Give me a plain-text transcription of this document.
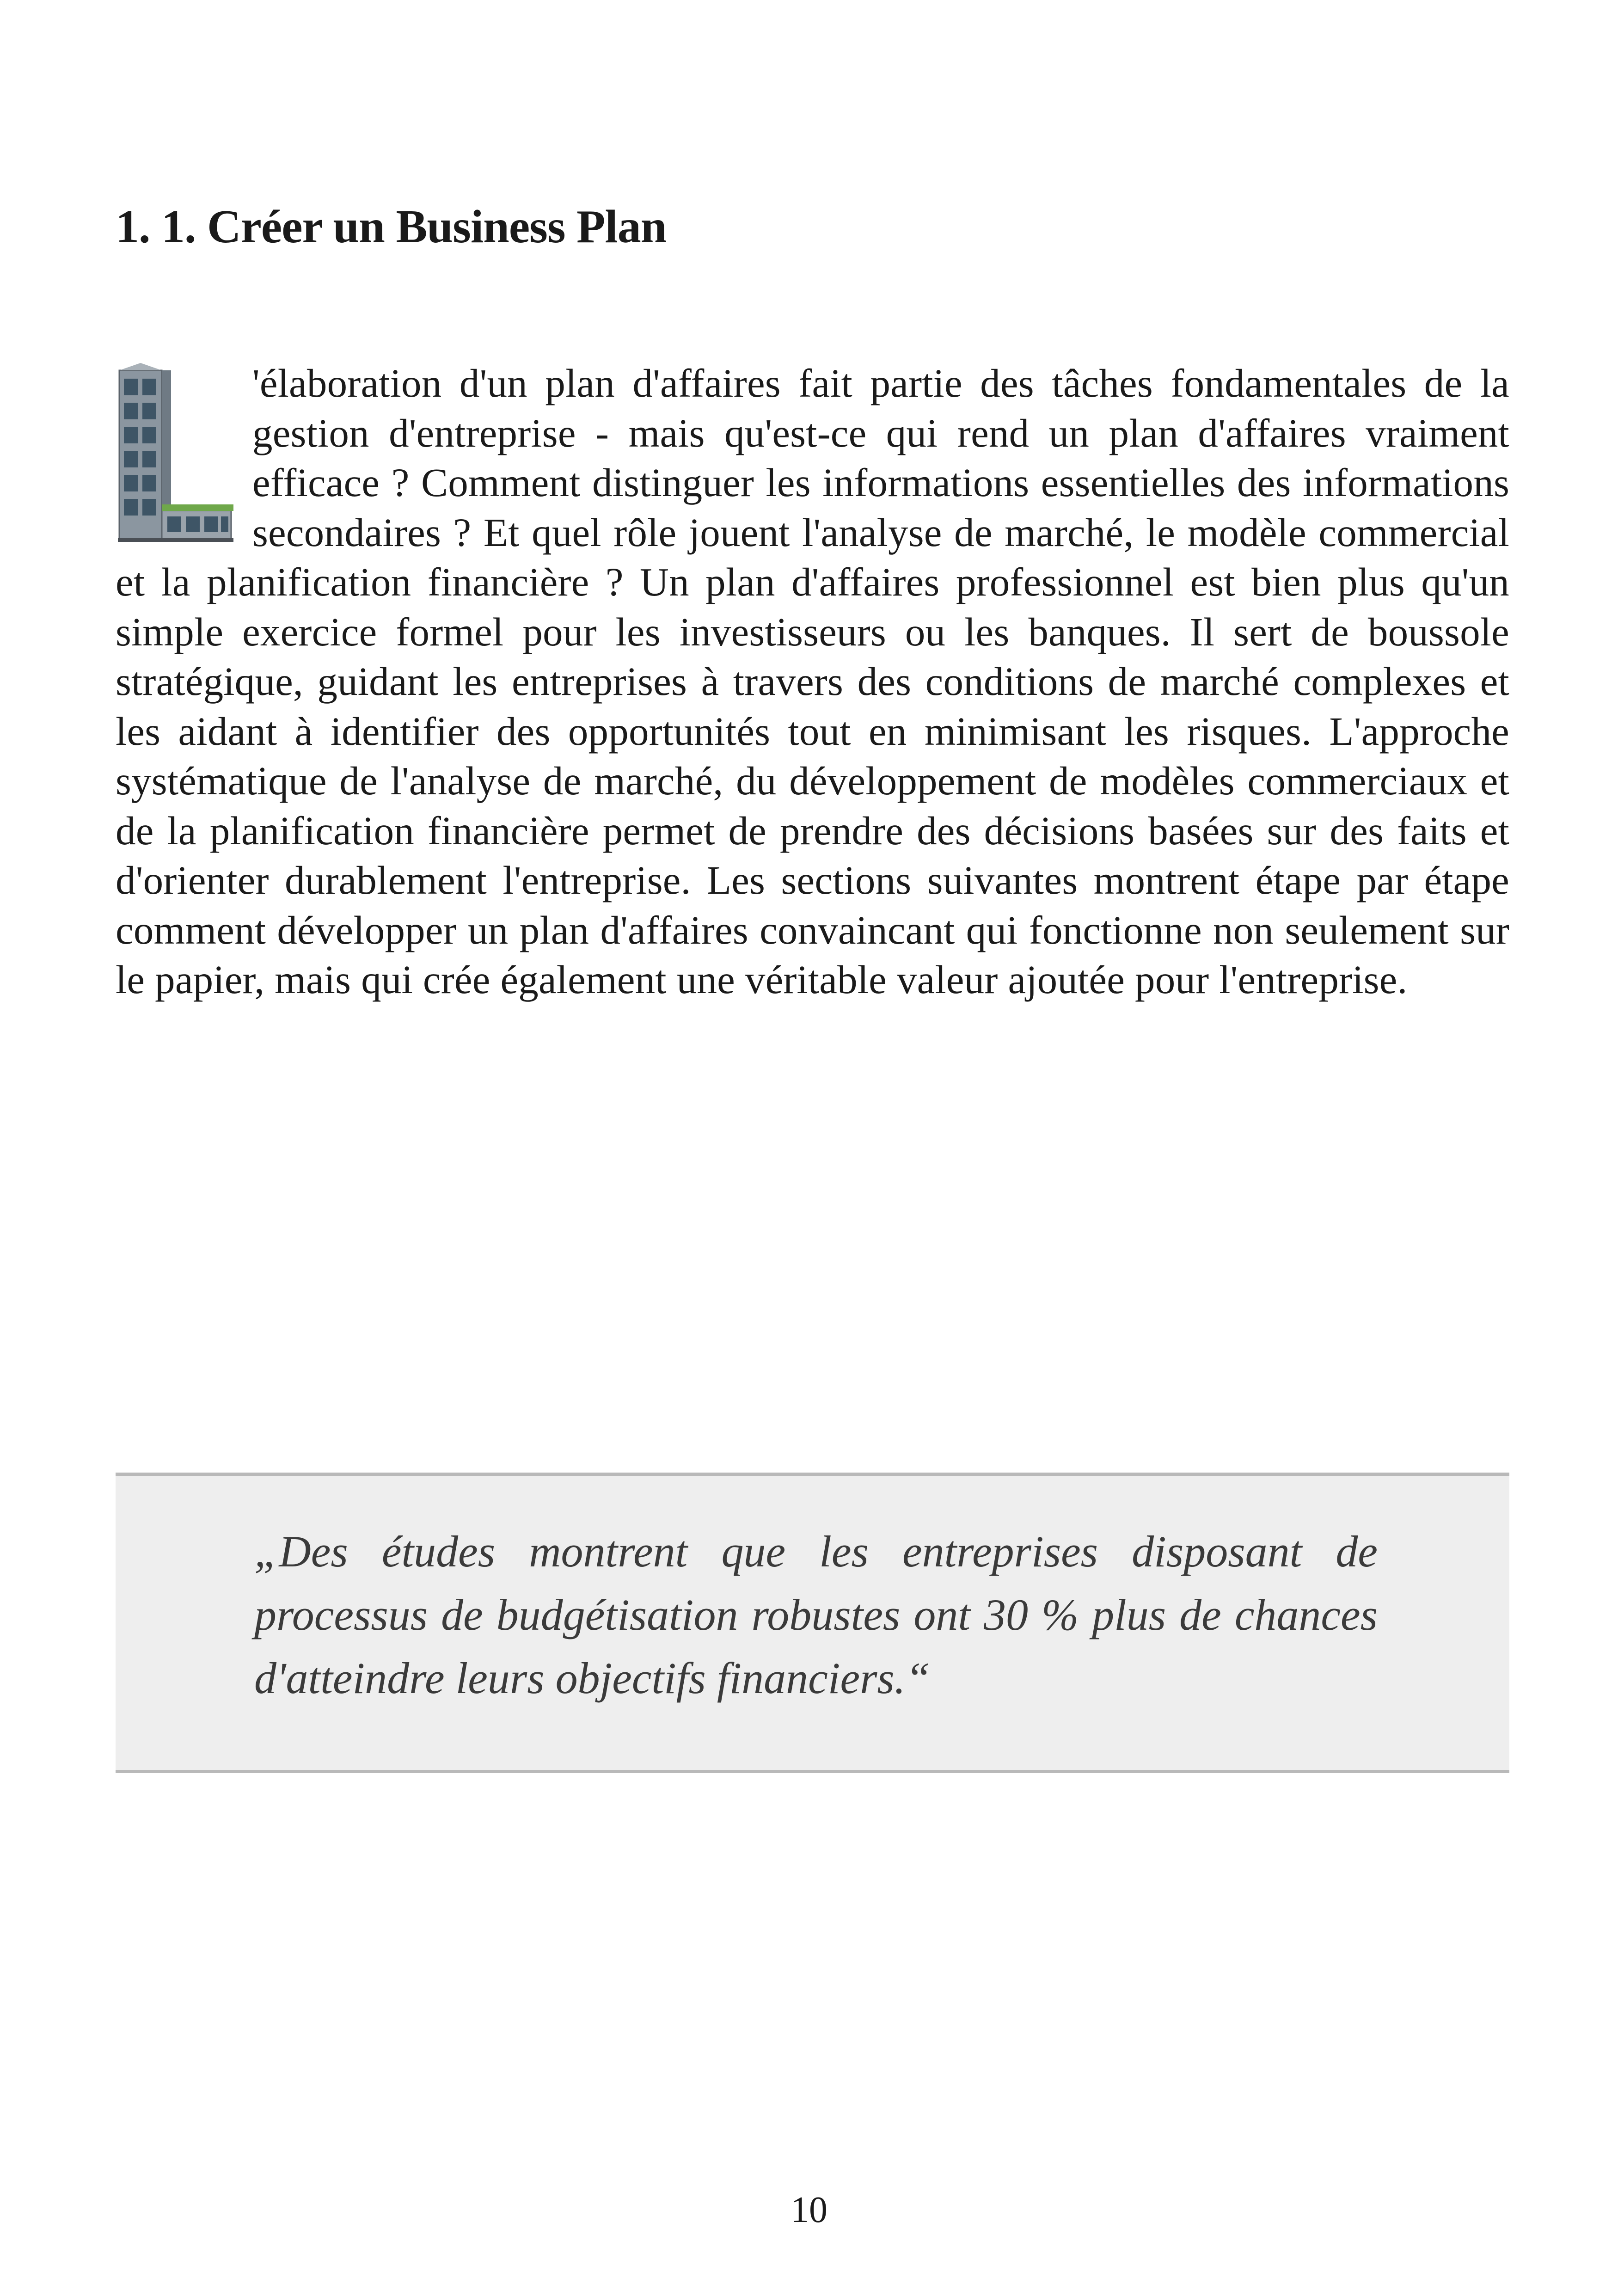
1. 1. Créer un Business Plan
'élaboration d'un plan d'affaires fait partie des tâches fondamentales de la gestion d'entreprise - mais qu'est-ce qui rend un plan d'affaires vraiment efficace ? Comment distinguer les informations essentielles des informations secondaires ? Et quel rôle jouent l'analyse de marché, le modèle commercial et la planification financière ? Un plan d'affaires professionnel est bien plus qu'un simple exercice formel pour les investisseurs ou les banques. Il sert de boussole stratégique, guidant les entreprises à travers des conditions de marché complexes et les aidant à identifier des opportunités tout en minimisant les risques. L'approche systématique de l'analyse de marché, du développement de modèles commerciaux et de la planification financière permet de prendre des décisions basées sur des faits et d'orienter durablement l'entreprise. Les sections suivantes montrent étape par étape comment développer un plan d'affaires convaincant qui fonctionne non seulement sur le papier, mais qui crée également une véritable valeur ajoutée pour l'entreprise.

„Des études montrent que les entreprises disposant de processus de budgétisation robustes ont 30 % plus de chances d'atteindre leurs objectifs financiers.“

10
